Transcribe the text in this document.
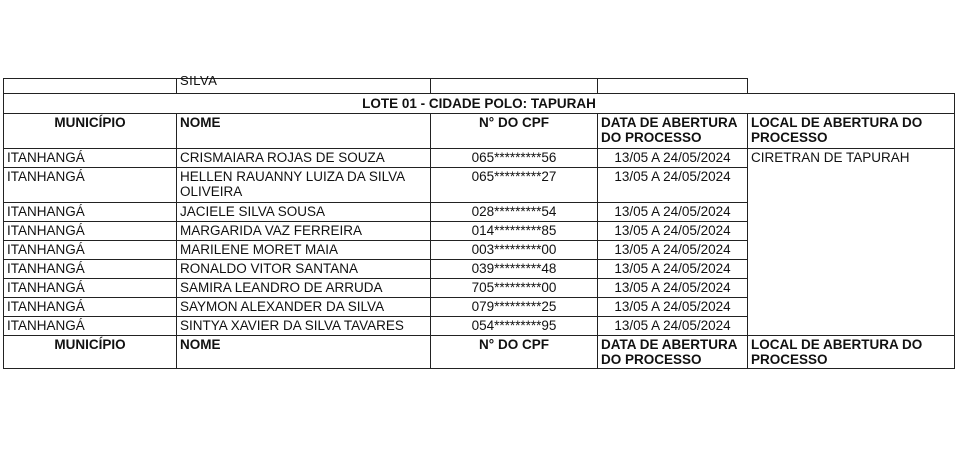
	SILVA			

LOTE 01 - CIDADE POLO: TAPURAH				
MUNICÍPIO	NOME	N° DO CPF	DATA DE ABERTURA DO PROCESSO	LOCAL DE ABERTURA DO PROCESSO
ITANHANGÁ	CRISMAIARA ROJAS DE SOUZA	065*********56	13/05 A 24/05/2024	CIRETRAN DE TAPURAH
ITANHANGÁ	HELLEN RAUANNY LUIZA DA SILVA OLIVEIRA	065*********27	13/05 A 24/05/2024	
ITANHANGÁ	JACIELE SILVA SOUSA	028*********54	13/05 A 24/05/2024	
ITANHANGÁ	MARGARIDA VAZ FERREIRA	014*********85	13/05 A 24/05/2024	
ITANHANGÁ	MARILENE MORET MAIA	003*********00	13/05 A 24/05/2024	
ITANHANGÁ	RONALDO VITOR SANTANA	039*********48	13/05 A 24/05/2024	
ITANHANGÁ	SAMIRA LEANDRO DE ARRUDA	705*********00	13/05 A 24/05/2024	
ITANHANGÁ	SAYMON ALEXANDER DA SILVA	079*********25	13/05 A 24/05/2024	
ITANHANGÁ	SINTYA XAVIER DA SILVA TAVARES	054*********95	13/05 A 24/05/2024	
MUNICÍPIO	NOME	N° DO CPF	DATA DE ABERTURA DO PROCESSO	LOCAL DE ABERTURA DO PROCESSO
